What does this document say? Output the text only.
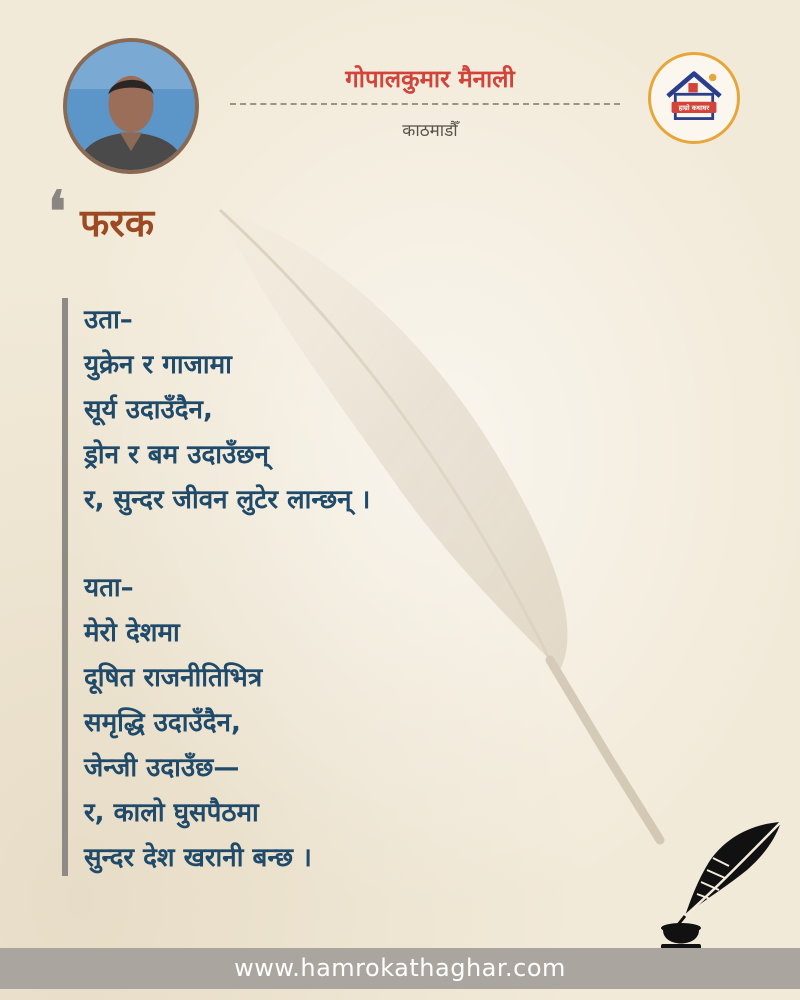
गोपालकुमार मैनाली
काठमाडौँ
हाम्रो कथाघर
❛ फरक
उता–
युक्रेन र गाजामा
सूर्य उदाउँदैन,
ड्रोन र बम उदाउँछन्
र, सुन्दर जीवन लुटेर लान्छन् ।
यता–
मेरो देशमा
दूषित राजनीतिभित्र
समृद्धि उदाउँदैन,
जेन्जी उदाउँछ—
र, कालो घुसपैठमा
सुन्दर देश खरानी बन्छ ।
www.hamrokathaghar.com
